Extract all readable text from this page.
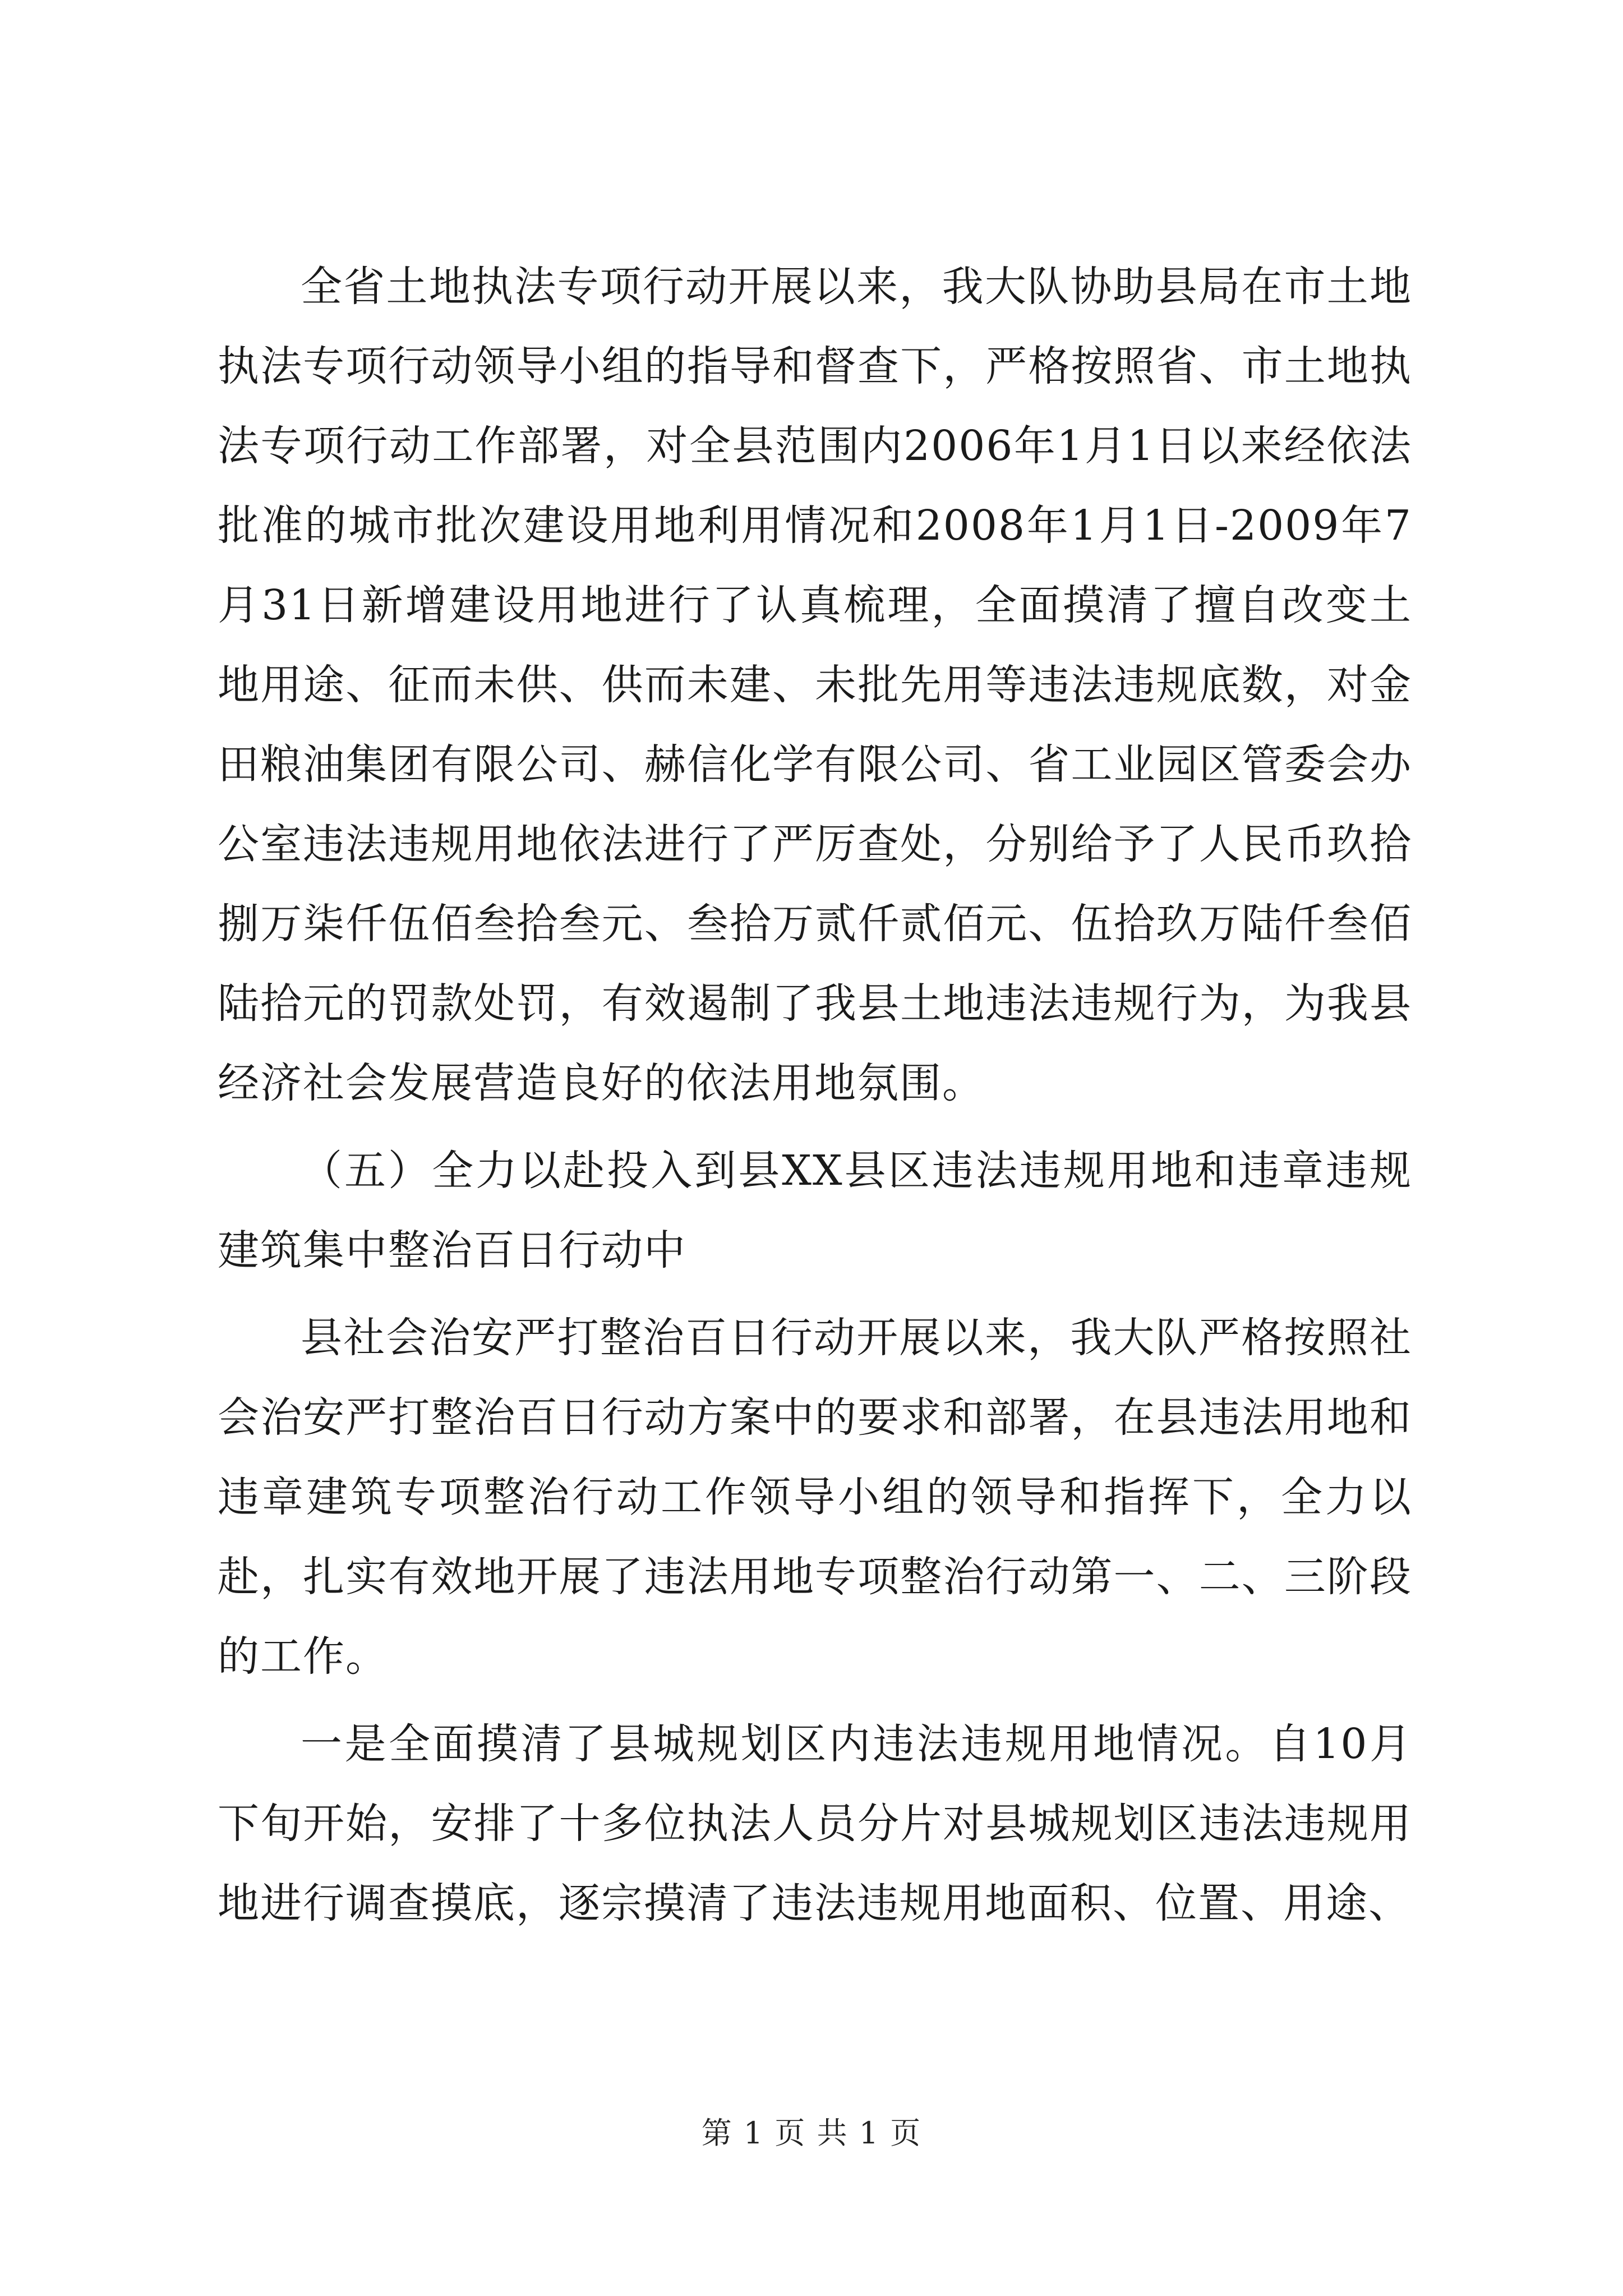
全省土地执法专项行动开展以来，我大队协助县局在市土地执法专项行动领导小组的指导和督查下，严格按照省、市土地执法专项行动工作部署，对全县范围内2006年1月1日以来经依法批准的城市批次建设用地利用情况和2008年1月1日-2009年7月31日新增建设用地进行了认真梳理，全面摸清了擅自改变土地用途、征而未供、供而未建、未批先用等违法违规底数，对金田粮油集团有限公司、赫信化学有限公司、省工业园区管委会办公室违法违规用地依法进行了严厉查处，分别给予了人民币玖拾捌万柒仟伍佰叁拾叁元、叁拾万贰仟贰佰元、伍拾玖万陆仟叁佰陆拾元的罚款处罚，有效遏制了我县土地违法违规行为，为我县经济社会发展营造良好的依法用地氛围。

（五）全力以赴投入到县XX县区违法违规用地和违章违规建筑集中整治百日行动中

县社会治安严打整治百日行动开展以来，我大队严格按照社会治安严打整治百日行动方案中的要求和部署，在县违法用地和违章建筑专项整治行动工作领导小组的领导和指挥下，全力以赴，扎实有效地开展了违法用地专项整治行动第一、二、三阶段的工作。

一是全面摸清了县城规划区内违法违规用地情况。自10月下旬开始，安排了十多位执法人员分片对县城规划区违法违规用地进行调查摸底，逐宗摸清了违法违规用地面积、位置、用途、

第 1 页 共 1 页
